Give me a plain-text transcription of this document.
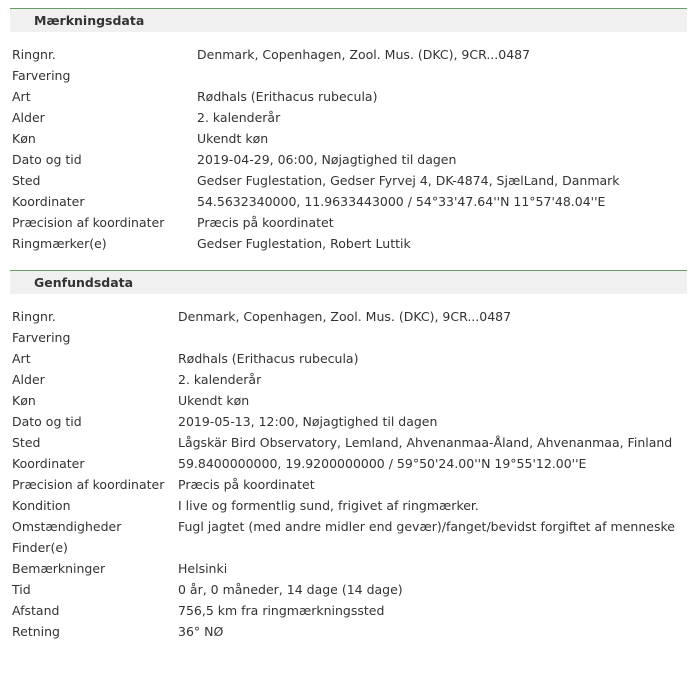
Mærkningsdata
Ringnr.	Denmark, Copenhagen, Zool. Mus. (DKC), 9CR...0487
Farvering

Art	Rødhals (Erithacus rubecula)
Alder	2. kalenderår
Køn	Ukendt køn
Dato og tid	2019-04-29, 06:00, Nøjagtighed til dagen
Sted	Gedser Fuglestation, Gedser Fyrvej 4, DK-4874, SjælLand, Danmark
Koordinater	54.5632340000, 11.9633443000 / 54°33'47.64''N 11°57'48.04''E
Præcision af koordinater	Præcis på koordinatet
Ringmærker(e)	Gedser Fuglestation, Robert Luttik
Genfundsdata
Ringnr.	Denmark, Copenhagen, Zool. Mus. (DKC), 9CR...0487
Farvering

Art	Rødhals (Erithacus rubecula)
Alder	2. kalenderår
Køn	Ukendt køn
Dato og tid	2019-05-13, 12:00, Nøjagtighed til dagen
Sted	Lågskär Bird Observatory, Lemland, Ahvenanmaa-Åland, Ahvenanmaa, Finland
Koordinater	59.8400000000, 19.9200000000 / 59°50'24.00''N 19°55'12.00''E
Præcision af koordinater	Præcis på koordinatet
Kondition	I live og formentlig sund, frigivet af ringmærker.
Omstændigheder	Fugl jagtet (med andre midler end gevær)/fanget/bevidst forgiftet af menneske
Finder(e)

Bemærkninger	Helsinki
Tid	0 år, 0 måneder, 14 dage (14 dage)
Afstand	756,5 km fra ringmærkningssted
Retning	36° NØ
